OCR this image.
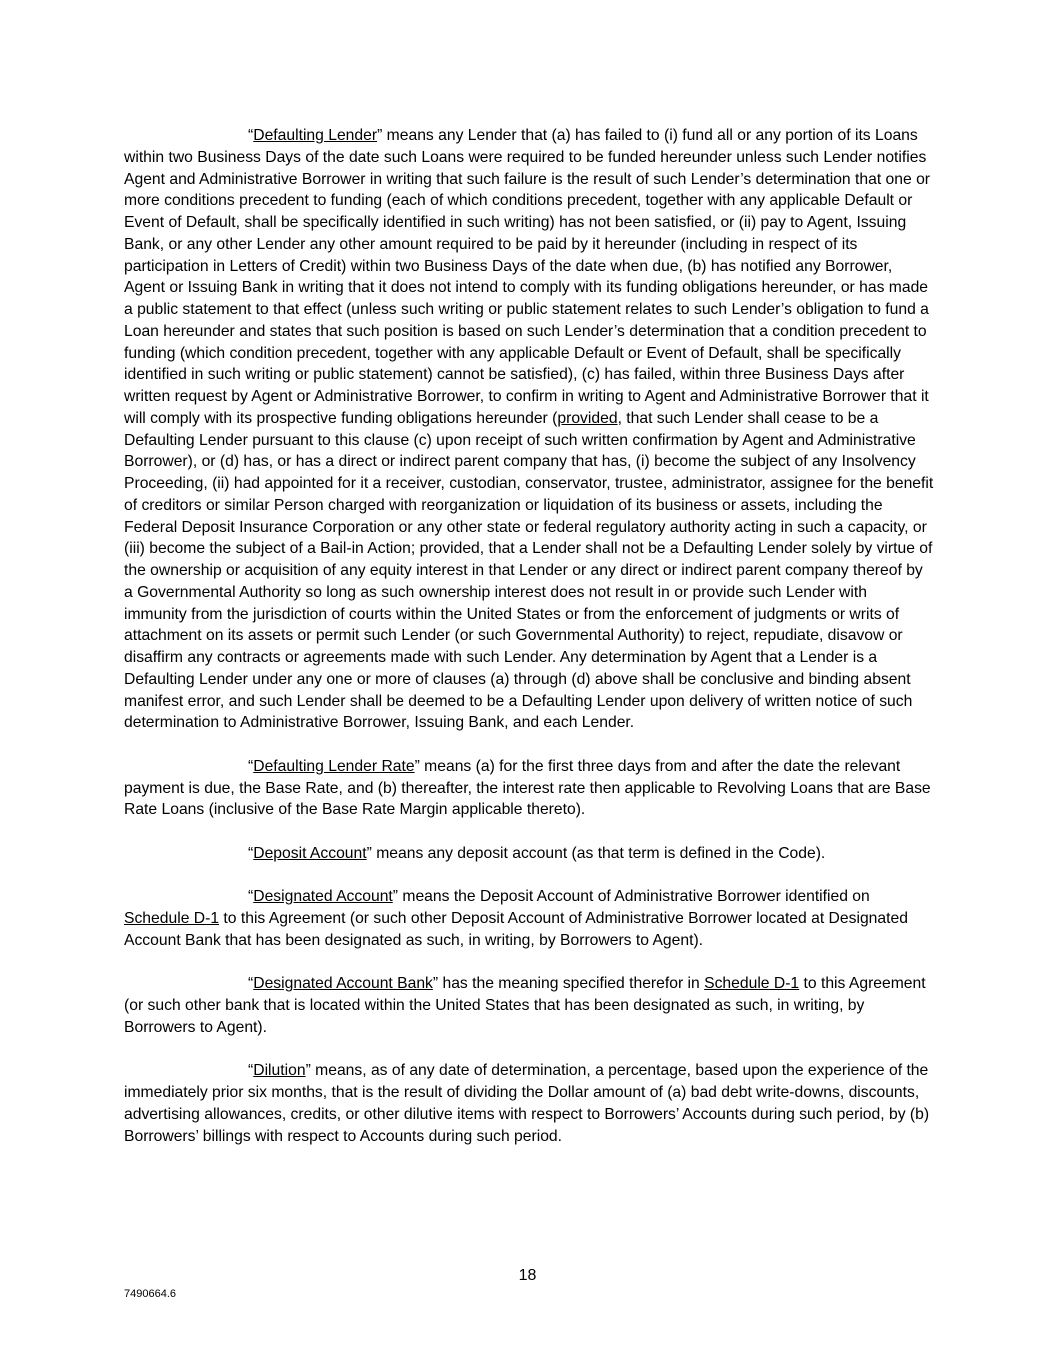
“Defaulting Lender” means any Lender that (a) has failed to (i) fund all or any portion of its Loans within two Business Days of the date such Loans were required to be funded hereunder unless such Lender notifies Agent and Administrative Borrower in writing that such failure is the result of such Lender’s determination that one or more conditions precedent to funding (each of which conditions precedent, together with any applicable Default or Event of Default, shall be specifically identified in such writing) has not been satisfied, or (ii) pay to Agent, Issuing Bank, or any other Lender any other amount required to be paid by it hereunder (including in respect of its participation in Letters of Credit) within two Business Days of the date when due, (b) has notified any Borrower, Agent or Issuing Bank in writing that it does not intend to comply with its funding obligations hereunder, or has made a public statement to that effect (unless such writing or public statement relates to such Lender’s obligation to fund a Loan hereunder and states that such position is based on such Lender’s determination that a condition precedent to funding (which condition precedent, together with any applicable Default or Event of Default, shall be specifically identified in such writing or public statement) cannot be satisfied), (c) has failed, within three Business Days after written request by Agent or Administrative Borrower, to confirm in writing to Agent and Administrative Borrower that it will comply with its prospective funding obligations hereunder (provided, that such Lender shall cease to be a Defaulting Lender pursuant to this clause (c) upon receipt of such written confirmation by Agent and Administrative Borrower), or (d) has, or has a direct or indirect parent company that has, (i) become the subject of any Insolvency Proceeding, (ii) had appointed for it a receiver, custodian, conservator, trustee, administrator, assignee for the benefit of creditors or similar Person charged with reorganization or liquidation of its business or assets, including the Federal Deposit Insurance Corporation or any other state or federal regulatory authority acting in such a capacity, or (iii) become the subject of a Bail-in Action; provided, that a Lender shall not be a Defaulting Lender solely by virtue of the ownership or acquisition of any equity interest in that Lender or any direct or indirect parent company thereof by a Governmental Authority so long as such ownership interest does not result in or provide such Lender with immunity from the jurisdiction of courts within the United States or from the enforcement of judgments or writs of attachment on its assets or permit such Lender (or such Governmental Authority) to reject, repudiate, disavow or disaffirm any contracts or agreements made with such Lender. Any determination by Agent that a Lender is a Defaulting Lender under any one or more of clauses (a) through (d) above shall be conclusive and binding absent manifest error, and such Lender shall be deemed to be a Defaulting Lender upon delivery of written notice of such determination to Administrative Borrower, Issuing Bank, and each Lender.

“Defaulting Lender Rate” means (a) for the first three days from and after the date the relevant payment is due, the Base Rate, and (b) thereafter, the interest rate then applicable to Revolving Loans that are Base Rate Loans (inclusive of the Base Rate Margin applicable thereto).

“Deposit Account” means any deposit account (as that term is defined in the Code).

“Designated Account” means the Deposit Account of Administrative Borrower identified on Schedule D-1 to this Agreement (or such other Deposit Account of Administrative Borrower located at Designated Account Bank that has been designated as such, in writing, by Borrowers to Agent).

“Designated Account Bank” has the meaning specified therefor in Schedule D-1 to this Agreement (or such other bank that is located within the United States that has been designated as such, in writing, by Borrowers to Agent).

“Dilution” means, as of any date of determination, a percentage, based upon the experience of the immediately prior six months, that is the result of dividing the Dollar amount of (a) bad debt write-downs, discounts, advertising allowances, credits, or other dilutive items with respect to Borrowers’ Accounts during such period, by (b) Borrowers’ billings with respect to Accounts during such period.

18
7490664.6
